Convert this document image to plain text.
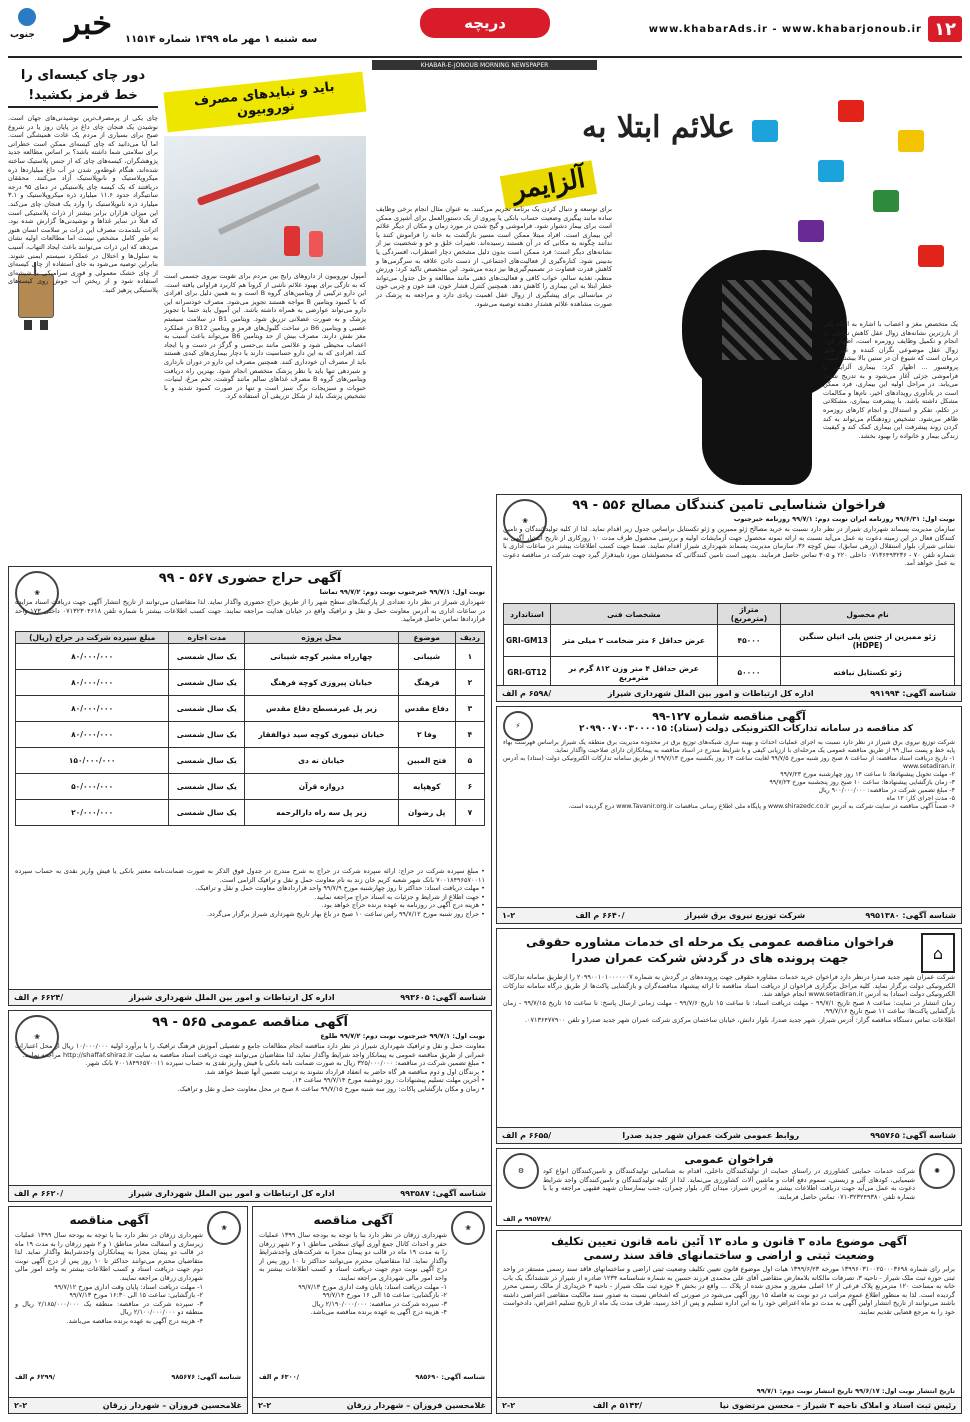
۱۲
www.khabarAds.ir - www.khabarjonoub.ir
دریچه
سه شنبه ۱ مهر ماه ۱۳۹۹ شماره ۱۱۵۱۴
خبر
جنوب
KHABAR-E-JONOUB MORNING NEWSPAPER
علائم ابتلا به
آلزایمر

یک متخصص مغز و اعصاب با اشاره به اینکه یکی از بارزترین نشانه‌های زوال عقل کاهش توانایی در انجام و تکمیل وظایف روزمره است، اظهار کرد: زوال عقل موضوعی نگران کننده و غیر قابل درمان است که شیوع آن در سنین بالا بیشتر است. پروفسور ... اظهار کرد: بیماری آلزایمر با فراموشی جزئی آغاز می‌شود و به تدریج شدت می‌یابد. در مراحل اولیه این بیماری، فرد ممکن است در یادآوری رویدادهای اخیر، نام‌ها و مکالمات مشکل داشته باشد. با پیشرفت بیماری، مشکلاتی در تکلم، تفکر و استدلال و انجام کارهای روزمره ظاهر می‌شود. تشخیص زودهنگام می‌تواند به کند کردن روند پیشرفت این بیماری کمک کند و کیفیت زندگی بیمار و خانواده را بهبود بخشد.

برای توسعه و دنبال کردن یک برنامه تحریم می‌کنند. به عنوان مثال انجام برخی وظایف ساده مانند پیگیری وضعیت حساب بانکی یا پیروی از یک دستورالعمل برای آشپزی ممکن است برای بیمار دشوار شود. فراموشی و گیج شدن در مورد زمان و مکان از دیگر علائم این بیماری است. افراد مبتلا ممکن است مسیر بازگشت به خانه را فراموش کنند یا ندانند چگونه به مکانی که در آن هستند رسیده‌اند. تغییرات خلق و خو و شخصیت نیز از نشانه‌های دیگر است؛ فرد ممکن است بدون دلیل مشخص دچار اضطراب، افسردگی یا بدبینی شود. کناره‌گیری از فعالیت‌های اجتماعی، از دست دادن علاقه به سرگرمی‌ها و کاهش قدرت قضاوت در تصمیم‌گیری‌ها نیز دیده می‌شود. این متخصص تاکید کرد: ورزش منظم، تغذیه سالم، خواب کافی و فعالیت‌های ذهنی مانند مطالعه و حل جدول می‌تواند خطر ابتلا به این بیماری را کاهش دهد. همچنین کنترل فشار خون، قند خون و چربی خون در میانسالی برای پیشگیری از زوال عقل اهمیت زیادی دارد و مراجعه به پزشک در صورت مشاهده علائم هشدار دهنده توصیه می‌شود.

باید و نبایدهای مصرف نوروبیون

آمپول نوروبیون از داروهای رایج بین مردم برای تقویت نیروی جسمی است که به تازگی برای بهبود علائم ناشی از کرونا هم کاربرد فراوانی یافته است. این دارو ترکیبی از ویتامین‌های گروه B است و به همین دلیل برای افرادی که با کمبود ویتامین B مواجه هستند تجویز می‌شود. مصرف خودسرانه این دارو می‌تواند عوارضی به همراه داشته باشد. این آمپول باید حتما با تجویز پزشک و به صورت عضلانی تزریق شود. ویتامین B1 در سلامت سیستم عصبی و ویتامین B6 در ساخت گلبول‌های قرمز و ویتامین B12 در عملکرد مغز نقش دارند. مصرف بیش از حد ویتامین B6 می‌تواند باعث آسیب به اعصاب محیطی شود و علائمی مانند بی‌حسی و گزگز در دست و پا ایجاد کند. افرادی که به این دارو حساسیت دارند یا دچار بیماری‌های کبدی هستند باید از مصرف آن خودداری کنند. همچنین مصرف این دارو در دوران بارداری و شیردهی تنها باید با نظر پزشک متخصص انجام شود. بهترین راه دریافت ویتامین‌های گروه B مصرف غذاهای سالم مانند گوشت، تخم مرغ، لبنیات، حبوبات و سبزیجات برگ سبز است و تنها در صورت کمبود شدید و با تشخیص پزشک باید از شکل تزریقی آن استفاده کرد.

دور چای کیسه‌ای را خط قرمز بکشید!

چای یکی از پرمصرف‌ترین نوشیدنی‌های جهان است. نوشیدن یک فنجان چای داغ در پایان روز یا در شروع صبح برای بسیاری از مردم یک عادت همیشگی است. اما آیا می‌دانید که چای کیسه‌ای ممکن است خطراتی برای سلامتی شما داشته باشد؟ بر اساس مطالعه جدید پژوهشگران، کیسه‌های چای که از جنس پلاستیک ساخته شده‌اند، هنگام غوطه‌ور شدن در آب داغ میلیاردها ذره میکروپلاستیک و نانوپلاستیک آزاد می‌کنند. محققان دریافتند که یک کیسه چای پلاستیکی در دمای ۹۵ درجه سانتیگراد حدود ۱۱.۶ میلیارد ذره میکروپلاستیک و ۳.۱ میلیارد ذره نانوپلاستیک را وارد یک فنجان چای می‌کند. این میزان هزاران برابر بیشتر از ذرات پلاستیکی است که قبلاً در سایر غذاها و نوشیدنی‌ها گزارش شده بود. اثرات بلندمدت مصرف این ذرات بر سلامت انسان هنوز به طور کامل مشخص نیست اما مطالعات اولیه نشان می‌دهد که این ذرات می‌توانند باعث ایجاد التهاب، آسیب به سلول‌ها و اختلال در عملکرد سیستم ایمنی شوند. بنابراین توصیه می‌شود به جای استفاده از چای کیسه‌ای از چای خشک معمولی و قوری سرامیکی یا شیشه‌ای استفاده شود و از ریختن آب جوش روی کیسه‌های پلاستیکی پرهیز کنید.

❀
فراخوان شناسایی تامین کنندگان مصالح ۵۵۶ - ۹۹
نوبت اول: ۹۹/۶/۳۱ روزنامه ایران نوبت دوم: ۹۹/۷/۱ روزنامه خبرجنوب

سازمان مدیریت پسماند شهرداری شیراز در نظر دارد نسبت به خرید مصالح ژئو ممبرین و ژئو تکستایل براساس جدول زیر اقدام نماید. لذا از کلیه تولیدکنندگان و تامین کنندگان فعال در این زمینه دعوت به عمل می‌آید نسبت به ارائه نمونه محصول جهت آزمایشات اولیه و بررسی محصول ظرف مدت ۱۰ روزکاری از تاریخ انتشار آگهی به نشانی شیراز، بلوار استقلال (زرهی سابق)، نبش کوچه ۳۶، سازمان مدیریت پسماند شهرداری شیراز اقدام نمایند. ضمنا جهت کسب اطلاعات بیشتر در ساعات اداری با شماره تلفن ۷۰ - ۰۷۱۳۶۴۹۳۲۳۶ داخلی ۲۲۰ و ۳۰۵ تماس حاصل فرمایند. بدیهی است تامین کنندگانی که محصولشان مورد تاییدقرار گیرد جهت شرکت در مناقصه دعوت به عمل خواهد آمد.

نام محصول	متراژ (مترمربع)	مشخصات فنی	استاندارد
ژئو ممبرین از جنس پلی اتیلن سنگین (HDPE)	۴۵۰۰۰	عرض حداقل ۶ متر ضخامت ۲ میلی متر	GRI-GM13
ژئو تکستایل نبافته	۵۰۰۰۰	عرض حداقل ۴ متر وزن ۸۱۲ گرم بر مترمربع	GRI-GT12
شناسه آگهی: ۹۹۱۹۹۴
اداره کل ارتباطات و امور بین الملل شهرداری شیراز
/۶۵۹۸ م الف
❀
آگهی حراج حضوری ۵۶۷ - ۹۹
نوبت اول: ۹۹/۷/۱ خبرجنوب نوبت دوم: ۹۹/۷/۲ تماشا

شهرداری شیراز در نظر دارد تعدادی از پارکینگ‌های سطح شهر را از طریق حراج حضوری واگذار نماید. لذا متقاضیان می‌توانند از تاریخ انتشار آگهی جهت دریافت اسناد مزایده در ساعات اداری به آدرس معاونت حمل و نقل و ترافیک واقع در خیابان هدایت مراجعه نمایند. جهت کسب اطلاعات بیشتر با شماره تلفن ۰۷۱۳۲۳۰۴۶۱۸ داخلی ۱۷۳ واحد قراردادها تماس حاصل فرمایید.

ردیف	موضوع	محل پروژه	مدت اجاره	مبلغ سپرده شرکت در حراج (ریال)
۱	شیبانی	چهارراه مشیر کوچه شیبانی	یک سال شمسی	۸۰/۰۰۰/۰۰۰
۲	فرهنگ	خیابان پیروزی کوچه فرهنگ	یک سال شمسی	۸۰/۰۰۰/۰۰۰
۳	دفاع مقدس	زیر پل غیرمسطح دفاع مقدس	یک سال شمسی	۸۰/۰۰۰/۰۰۰
۴	وفا ۲	خیابان تیموری کوچه سید ذوالفقار	یک سال شمسی	۸۰/۰۰۰/۰۰۰
۵	فتح المبین	خیابان نه دی	یک سال شمسی	۱۵۰/۰۰۰/۰۰۰
۶	کوهپایه	دروازه قرآن	یک سال شمسی	۵۰/۰۰۰/۰۰۰
۷	پل رضوان	زیر پل سه راه دارالرحمه	یک سال شمسی	۲۰/۰۰۰/۰۰۰

• مبلغ سپرده شرکت در حراج: ارائه سپرده شرکت در حراج به شرح مندرج در جدول فوق الذکر به صورت ضمانت‌نامه معتبر بانکی یا فیش واریز نقدی به حساب سپرده ۷۰۰۱۸۴۹۶۵۷۰۰۱۱ بانک شهر شعبه کریم خان زند به نام معاونت حمل و نقل و ترافیک الزامی است.
• مهلت دریافت اسناد: حداکثر تا روز چهارشنبه مورخ ۹۹/۷/۹ واحد قراردادهای معاونت حمل و نقل و ترافیک.
• جهت اطلاع از شرایط و جزئیات به اسناد حراج مراجعه نمایید.
• هزینه درج آگهی در روزنامه به عهده برنده حراج خواهد بود.
• حراج روز شنبه مورخ ۹۹/۷/۱۲ راس ساعت ۱۰ صبح در باغ بهار تاریخ شهرداری شیراز برگزار می‌گردد.

شناسه آگهی: ۹۹۳۶۰۵
اداره کل ارتباطات و امور بین الملل شهرداری شیراز
/۶۶۲۴ م الف
⚡
آگهی مناقصه شماره ۱۲۷-۹۹
کد مناقصه در سامانه تدارکات الکترونیکی دولت (ستاد): ۲۰۹۹۰۰۷۰۰۳۰۰۰۰۱۵

شرکت توزیع نیروی برق شیراز در نظر دارد نسبت به اجرای عملیات احداث و بهینه سازی شبکه‌های توزیع برق در محدوده مدیریت برق منطقه یک شیراز براساس فهرست بهاء پایه خط و پست سال ۹۹ از طریق مناقصه عمومی یک مرحله‌ای با ارزیابی کیفی و با شرایط مندرج در اسناد مناقصه به پیمانکاران دارای صلاحیت واگذار نماید.
۱- تاریخ دریافت اسناد مناقصه: از ساعت ۸ صبح روز شنبه مورخ ۹۹/۷/۵ لغایت ساعت ۱۴ روز یکشنبه مورخ ۹۹/۷/۱۳ از طریق سامانه تدارکات الکترونیکی دولت (ستاد) به آدرس www.setadiran.ir
۲- مهلت تحویل پیشنهادها: تا ساعت ۱۴ روز چهارشنبه مورخ ۹۹/۷/۲۳
۳- زمان بازگشایی پیشنهادها: ساعت ۱۰ صبح روز پنجشنبه مورخ ۹۹/۷/۲۴
۴- مبلغ تضمین شرکت در مناقصه: ۹۰۰/۰۰۰/۰۰۰ ریال
۵- مدت اجرای کار: ۱۲ ماه
۶- ضمناً آگهی مناقصه در سایت شرکت به آدرس www.shirazedc.co.ir و پایگاه ملی اطلاع رسانی مناقصات www.Tavanir.org.ir درج گردیده است.

شناسه آگهی: ۹۹۵۱۳۸۰
شرکت توزیع نیروی برق شیراز
/۶۶۴۰ م الف
۱-۲
⌂
فراخوان مناقصه عمومی یک مرحله ای خدمات مشاوره حقوقی
جهت پرونده های در گردش شرکت عمران صدرا

شرکت عمران شهر جدید صدرا درنظر دارد فراخوان خرید خدمات مشاوره حقوقی جهت پرونده‌های در گردش به شماره ۲۰۹۹۰۰۱۰۱۰۰۰۰۰۰۷ را ازطریق سامانه تدارکات الکترونیکی دولت برگزار نماید. کلیه مراحل برگزاری فراخوان از دریافت اسناد مناقصه تا ارائه پیشنهاد مناقصه‌گران و بازگشایی پاکت‌ها از طریق درگاه سامانه تدارکات الکترونیکی دولت (ستاد) به آدرس www.setadiran.ir انجام خواهد شد.
زمان انتشار در سایت: ساعت ۸ صبح تاریخ ۹۹/۷/۱ - مهلت دریافت اسناد: تا ساعت ۱۵ تاریخ ۹۹/۷/۶ - مهلت زمانی ارسال پاسخ: تا ساعت ۱۵ تاریخ ۹۹/۷/۱۵ - زمان بازگشایی پاکت‌ها: ساعت ۱۱ صبح تاریخ ۹۹/۷/۱۶.
اطلاعات تماس دستگاه مناقصه گزار: آدرس شیراز، شهر جدید صدرا، بلوار دانش، خیابان ساختمان مرکزی شرکت عمران شهر جدید صدرا و تلفن ۰۷۱۳۶۴۷۷۹۰۰.

شناسه آگهی: ۹۹۵۷۶۵
روابط عمومی شرکت عمران شهر جدید صدرا
/۶۶۵۵ م الف
❀
آگهی مناقصه عمومی ۵۶۵ - ۹۹
نوبت اول: ۹۹/۷/۱ خبرجنوب نوبت دوم: ۹۹/۷/۲ طلوع

معاونت حمل و نقل و ترافیک شهرداری شیراز در نظر دارد مناقصه انجام مطالعات جامع و تفصیلی آموزش فرهنگ ترافیک را با برآورد اولیه ۱۰/۰۰۰/۰۰۰ ریال از محل اعتبارات عمرانی از طریق مناقصه عمومی به پیمانکار واجد شرایط واگذار نماید. لذا متقاضیان می‌توانند جهت دریافت اسناد مناقصه به سایت http://shaffaf.shiraz.ir مراجعه نمایند.
• مبلغ تضمین شرکت در مناقصه: ۳۲۵/۰۰۰/۰۰۰ ریال به صورت ضمانت نامه بانکی یا فیش واریز نقدی به حساب سپرده ۷۰۰۱۸۴۹۶۵۷۰۰۱۱ بانک شهر.
• برندگان اول و دوم مناقصه هر گاه حاضر به انعقاد قرارداد نشوند به ترتیب تضمین آنها ضبط خواهد شد.
• آخرین مهلت تسلیم پیشنهادات: روز دوشنبه مورخ ۹۹/۷/۱۴ ساعت ۱۴.
• زمان و مکان بازگشایی پاکات: روز سه شنبه مورخ ۹۹/۷/۱۵ ساعت ۸ صبح در محل معاونت حمل و نقل و ترافیک.

شناسه آگهی: ۹۹۳۵۸۷
اداره کل ارتباطات و امور بین الملل شهرداری شیراز
/۶۶۲۰ م الف
✺
⚙
فراخوان عمومی

شرکت خدمات حمایتی کشاورزی در راستای حمایت از تولیدکنندگان داخلی، اقدام به شناسایی تولیدکنندگان و تامین‌کنندگان انواع کود شیمیایی، کودهای آلی و زیستی، سموم دفع آفات و ماشین آلات کشاورزی می‌نماید. لذا از کلیه تولیدکنندگان و تامین‌کنندگان واجد شرایط دعوت به عمل می‌آید جهت دریافت اطلاعات بیشتر به آدرس شیراز، میدان گاز، بلوار چمران، جنب بیمارستان شهید فقیهی مراجعه و یا با شماره تلفن ۳۲۳۲۴۹۳۸۰-۰۷۱ تماس حاصل فرمایند.

/۹۹۵۷۴۸ م الف
❀
آگهی مناقصه

شهرداری زرقان در نظر دارد بنا با توجه به بودجه سال ۱۳۹۹ عملیات حفر و احداث کانال جمع آوری آبهای سطحی مناطق ۱ و ۲ شهر زرقان را به مدت ۱۹ ماه در قالب دو پیمان مجزا به شرکت‌های واجدشرایط واگذار نماید. لذا متقاضیان محترم می‌توانند حداکثر تا ۱۰ روز پس از درج آگهی نوبت دوم جهت دریافت اسناد و کسب اطلاعات بیشتر به واحد امور مالی شهرداری مراجعه نمایند.
۱- مهلت دریافت اسناد: پایان وقت اداری مورخ ۹۹/۷/۱۳
۲- بازگشایی: ساعت ۱۵ الی ۱۶ مورخ ۹۹/۷/۱۴
۳- سپرده شرکت در مناقصه: ۲/۱۹۰/۰۰۰/۰۰۰ ریال
۴- هزینه درج آگهی به عهده برنده مناقصه می‌باشد.

شناسه آگهی: ۹۸۵۶۹۰
/۶۳۰۰ م الف
غلامحسین فروزان – شهردار زرقان
۲-۲
❀
آگهی مناقصه

شهرداری زرقان در نظر دارد بنا با توجه به بودجه سال ۱۳۹۹ عملیات زیرسازی و آسفالت معابر مناطق ۱ و ۲ شهر زرقان را به مدت ۱۹ ماه در قالب دو پیمان مجزا به پیمانکاران واجدشرایط واگذار نماید. لذا متقاضیان محترم می‌توانند حداکثر تا ۱۰ روز پس از درج آگهی نوبت دوم جهت دریافت اسناد و کسب اطلاعات بیشتر به واحد امور مالی شهرداری زرقان مراجعه نمایند.
۱- مهلت دریافت اسناد: پایان وقت اداری مورخ ۹۹/۷/۱۲
۲- بازگشایی: ساعت ۱۵ الی ۱۶:۳۰ مورخ ۹۹/۷/۱۳
۳- سپرده شرکت در مناقصه: منطقه یک ۲/۱۸۵/۰۰۰/۰۰۰ ریال و منطقه دو ۲/۱۰۰/۰۰۰/۰۰۰ ریال
۴- هزینه درج آگهی به عهده برنده مناقصه می‌باشد.

شناسه آگهی: ۹۸۵۶۷۶
/۶۲۹۹ م الف
غلامحسین فروزان – شهردار زرقان
۲-۲
آگهی موضوع ماده ۳ قانون و ماده ۱۳ آئین نامه قانون تعیین تکلیف
وضعیت ثبتی و اراضی و ساختمانهای فاقد سند رسمی

برابر رای شماره ۱۳۹۹۶۰۳۱۰۰۲۵۰۰۰۳۶۹۸ مورخه ۱۳۹۹/۶/۲۳ هیات اول موضوع قانون تعیین تکلیف وضعیت ثبتی اراضی و ساختمانهای فاقد سند رسمی مستقر در واحد ثبتی حوزه ثبت ملک شیراز - ناحیه ۳، تصرفات مالکانه بلامعارض متقاضی آقای علی محمدی فرزند حسین به شماره شناسنامه ۱۲۳۴ صادره از شیراز در ششدانگ یک باب خانه به مساحت ۱۲۰ مترمربع پلاک فرعی از ۱۲ اصلی مفروز و مجزی شده از پلاک ... واقع در بخش ۳ حوزه ثبت ملک شیراز - ناحیه ۳ خریداری از مالک رسمی محرز گردیده است. لذا به منظور اطلاع عموم مراتب در دو نوبت به فاصله ۱۵ روز آگهی می‌شود در صورتی که اشخاص نسبت به صدور سند مالکیت متقاضی اعتراضی داشته باشند می‌توانند از تاریخ انتشار اولین آگهی به مدت دو ماه اعتراض خود را به این اداره تسلیم و پس از اخذ رسید، ظرف مدت یک ماه از تاریخ تسلیم اعتراض، دادخواست خود را به مرجع قضایی تقدیم نمایند.

تاریخ انتشار نوبت اول: ۹۹/۶/۱۷ تاریخ انتشار نوبت دوم: ۹۹/۷/۱
رئیس ثبت اسناد و املاک ناحیه ۳ شیراز – محسن مرتضوی نیا
/۵۱۴۳ م الف
۲-۲
